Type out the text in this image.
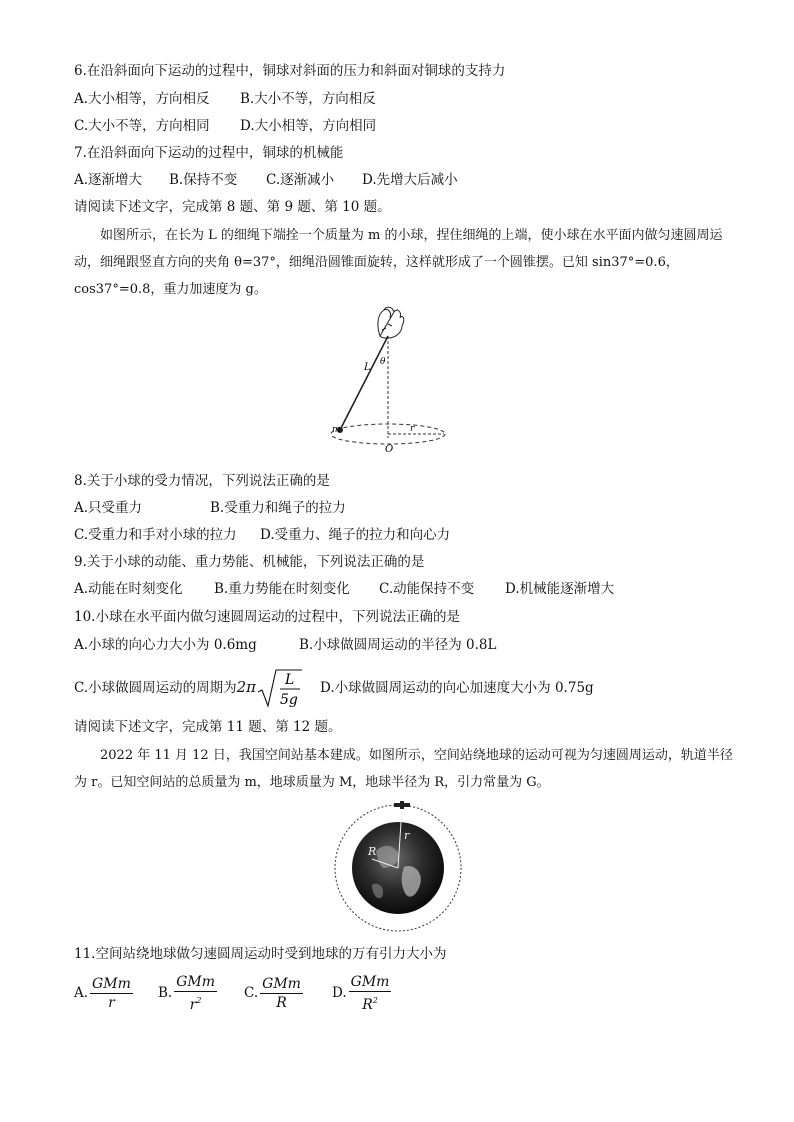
6.在沿斜面向下运动的过程中，铜球对斜面的压力和斜面对铜球的支持力
A.大小相等，方向相反 B.大小不等，方向相反
C.大小不等，方向相同 D.大小相等，方向相同
7.在沿斜面向下运动的过程中，铜球的机械能
A.逐渐增大 B.保持不变 C.逐渐减小 D.先增大后减小
请阅读下述文字，完成第 8 题、第 9 题、第 10 题。
如图所示，在长为 L 的细绳下端拴一个质量为 m 的小球，捏住细绳的上端，使小球在水平面内做匀速圆周运动，细绳跟竖直方向的夹角 θ=37°，细绳沿圆锥面旋转，这样就形成了一个圆锥摆。已知 sin37°=0.6，cos37°=0.8，重力加速度为 g。
L θ
m	r
O
8.关于小球的受力情况，下列说法正确的是
A.只受重力	B.受重力和绳子的拉力
C.受重力和手对小球的拉力 D.受重力、绳子的拉力和向心力
9.关于小球的动能、重力势能、机械能，下列说法正确的是
A.动能在时刻变化 B.重力势能在时刻变化 C.动能保持不变 D.机械能逐渐增大
10.小球在水平面内做匀速圆周运动的过程中，下列说法正确的是
A.小球的向心力大小为 0.6mg	B.小球做圆周运动的半径为 0.8L
C.小球做圆周运动的周期为2π L
5g
D.小球做圆周运动的向心加速度大小为 0.75g
请阅读下述文字，完成第 11 题、第 12 题。
2022 年 11 月 12 日，我国空间站基本建成。如图所示，空间站绕地球的运动可视为匀速圆周运动，轨道半径为 r。已知空间站的总质量为 m，地球质量为 M，地球半径为 R，引力常量为 G。
R
r
11.空间站绕地球做匀速圆周运动时受到地球的万有引力大小为
A. $\frac{\text{GMm}}{r} B$. $\frac{\text{GMm}}{r^2} C$. $\frac{\text{GMm}}{R} D$. $\frac{\text{GMm}}{R^2}$
